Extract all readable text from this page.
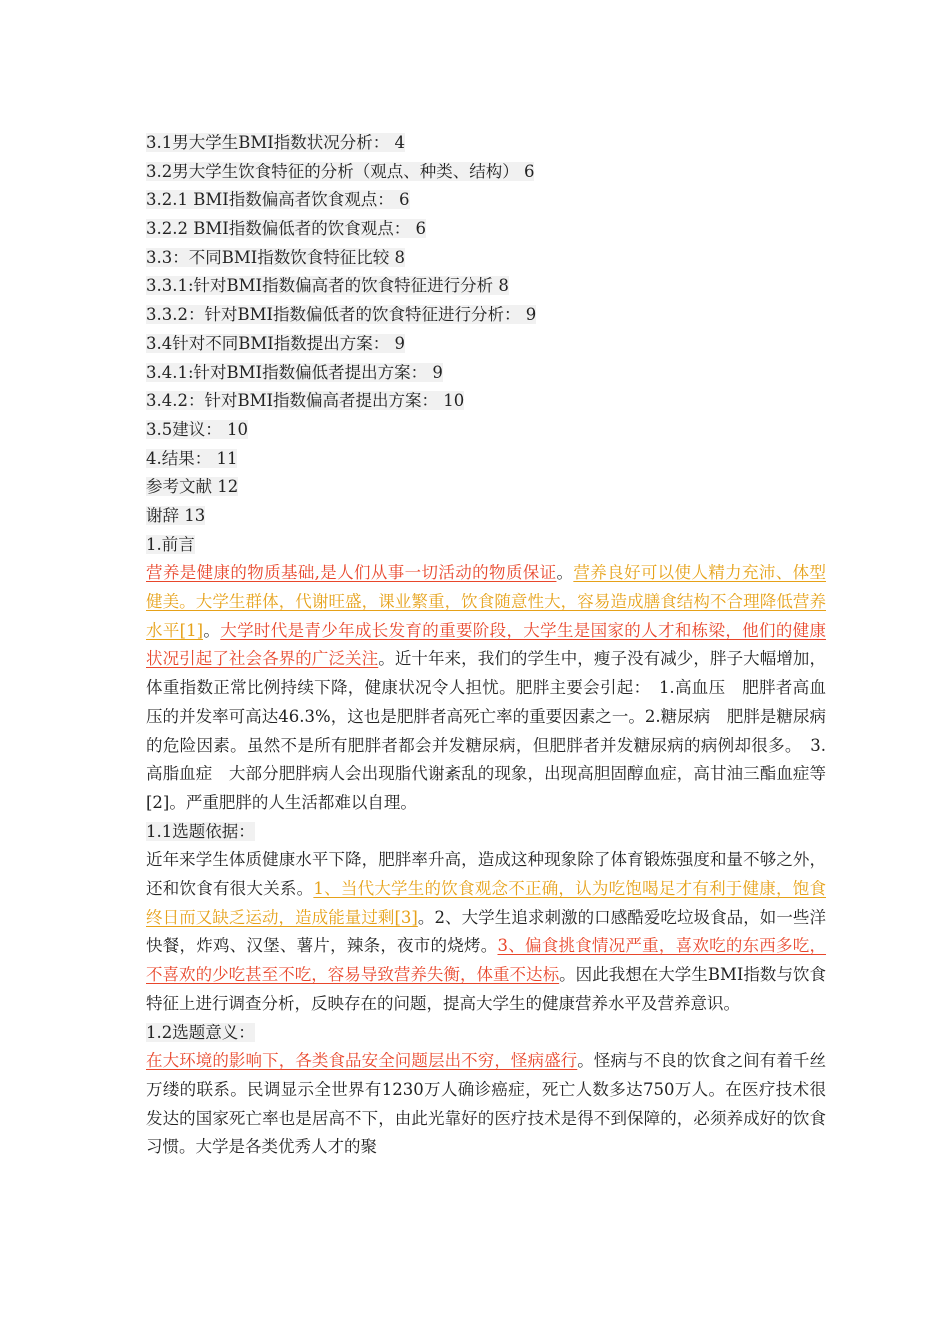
3.1男大学生BMI指数状况分析： 4
3.2男大学生饮食特征的分析（观点、种类、结构） 6
3.2.1 BMI指数偏高者饮食观点： 6
3.2.2 BMI指数偏低者的饮食观点： 6
3.3：不同BMI指数饮食特征比较 8
3.3.1:针对BMI指数偏高者的饮食特征进行分析 8
3.3.2：针对BMI指数偏低者的饮食特征进行分析： 9
3.4针对不同BMI指数提出方案： 9
3.4.1:针对BMI指数偏低者提出方案： 9
3.4.2：针对BMI指数偏高者提出方案： 10
3.5建议： 10
4.结果： 11
参考文献 12
谢辞 13
1.前言
营养是健康的物质基础,是人们从事一切活动的物质保证。营养良好可以使人精力充沛、体型健美。大学生群体，代谢旺盛，课业繁重，饮食随意性大，容易造成膳食结构不合理降低营养水平[1]。大学时代是青少年成长发育的重要阶段，大学生是国家的人才和栋梁，他们的健康状况引起了社会各界的广泛关注。近十年来，我们的学生中，瘦子没有减少，胖子大幅增加，体重指数正常比例持续下降，健康状况令人担忧。肥胖主要会引起：　1.高血压　肥胖者高血压的并发率可高达46.3%，这也是肥胖者高死亡率的重要因素之一。2.糖尿病　肥胖是糖尿病的危险因素。虽然不是所有肥胖者都会并发糖尿病，但肥胖者并发糖尿病的病例却很多。　3.高脂血症　大部分肥胖病人会出现脂代谢紊乱的现象，出现高胆固醇血症，高甘油三酯血症等[2]。严重肥胖的人生活都难以自理。
1.1选题依据：
近年来学生体质健康水平下降，肥胖率升高，造成这种现象除了体育锻炼强度和量不够之外，还和饮食有很大关系。1、当代大学生的饮食观念不正确，认为吃饱喝足才有利于健康，饱食终日而又缺乏运动，造成能量过剩[3]。2、大学生追求刺激的口感酷爱吃垃圾食品，如一些洋快餐，炸鸡、汉堡、薯片，辣条，夜市的烧烤。3、偏食挑食情况严重，喜欢吃的东西多吃，不喜欢的少吃甚至不吃，容易导致营养失衡，体重不达标。因此我想在大学生BMI指数与饮食特征上进行调查分析，反映存在的问题，提高大学生的健康营养水平及营养意识。
1.2选题意义：
在大环境的影响下，各类食品安全问题层出不穷，怪病盛行。怪病与不良的饮食之间有着千丝万缕的联系。民调显示全世界有1230万人确诊癌症，死亡人数多达750万人。在医疗技术很发达的国家死亡率也是居高不下，由此光靠好的医疗技术是得不到保障的，必须养成好的饮食习惯。大学是各类优秀人才的聚
